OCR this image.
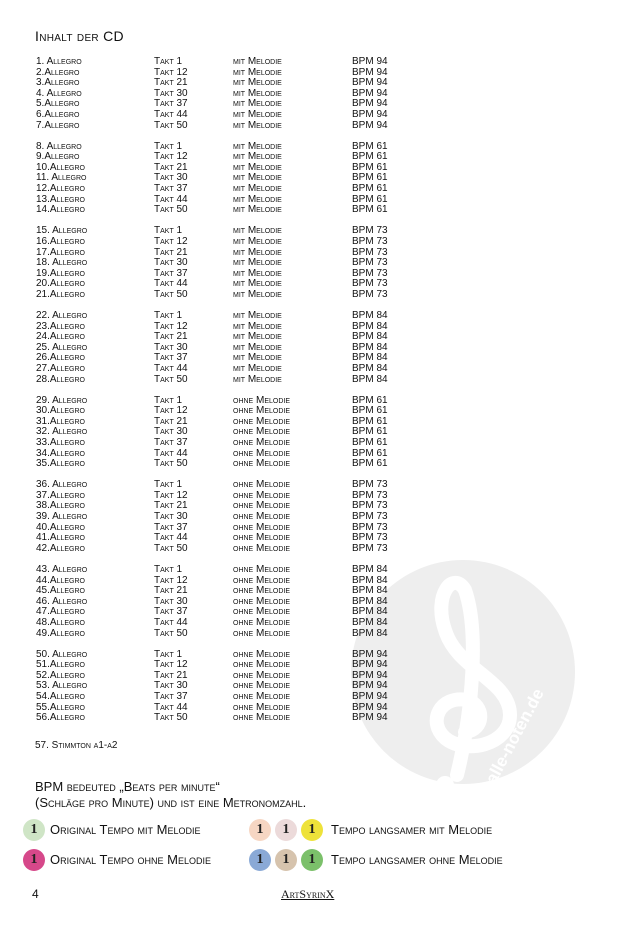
alle-noten.de
Inhalt der CD
1. Allegro	Takt 1	mit Melodie	BPM 94
2.Allegro	Takt 12	mit Melodie	BPM 94
3.Allegro	Takt 21	mit Melodie	BPM 94
4. Allegro	Takt 30	mit Melodie	BPM 94
5.Allegro	Takt 37	mit Melodie	BPM 94
6.Allegro	Takt 44	mit Melodie	BPM 94
7.Allegro	Takt 50	mit Melodie	BPM 94
8. Allegro	Takt 1	mit Melodie	BPM 61
9.Allegro	Takt 12	mit Melodie	BPM 61
10.Allegro	Takt 21	mit Melodie	BPM 61
11. Allegro	Takt 30	mit Melodie	BPM 61
12.Allegro	Takt 37	mit Melodie	BPM 61
13.Allegro	Takt 44	mit Melodie	BPM 61
14.Allegro	Takt 50	mit Melodie	BPM 61
15. Allegro	Takt 1	mit Melodie	BPM 73
16.Allegro	Takt 12	mit Melodie	BPM 73
17.Allegro	Takt 21	mit Melodie	BPM 73
18. Allegro	Takt 30	mit Melodie	BPM 73
19.Allegro	Takt 37	mit Melodie	BPM 73
20.Allegro	Takt 44	mit Melodie	BPM 73
21.Allegro	Takt 50	mit Melodie	BPM 73
22. Allegro	Takt 1	mit Melodie	BPM 84
23.Allegro	Takt 12	mit Melodie	BPM 84
24.Allegro	Takt 21	mit Melodie	BPM 84
25. Allegro	Takt 30	mit Melodie	BPM 84
26.Allegro	Takt 37	mit Melodie	BPM 84
27.Allegro	Takt 44	mit Melodie	BPM 84
28.Allegro	Takt 50	mit Melodie	BPM 84
29. Allegro	Takt 1	ohne Melodie	BPM 61
30.Allegro	Takt 12	ohne Melodie	BPM 61
31.Allegro	Takt 21	ohne Melodie	BPM 61
32. Allegro	Takt 30	ohne Melodie	BPM 61
33.Allegro	Takt 37	ohne Melodie	BPM 61
34.Allegro	Takt 44	ohne Melodie	BPM 61
35.Allegro	Takt 50	ohne Melodie	BPM 61
36. Allegro	Takt 1	ohne Melodie	BPM 73
37.Allegro	Takt 12	ohne Melodie	BPM 73
38.Allegro	Takt 21	ohne Melodie	BPM 73
39. Allegro	Takt 30	ohne Melodie	BPM 73
40.Allegro	Takt 37	ohne Melodie	BPM 73
41.Allegro	Takt 44	ohne Melodie	BPM 73
42.Allegro	Takt 50	ohne Melodie	BPM 73
43. Allegro	Takt 1	ohne Melodie	BPM 84
44.Allegro	Takt 12	ohne Melodie	BPM 84
45.Allegro	Takt 21	ohne Melodie	BPM 84
46. Allegro	Takt 30	ohne Melodie	BPM 84
47.Allegro	Takt 37	ohne Melodie	BPM 84
48.Allegro	Takt 44	ohne Melodie	BPM 84
49.Allegro	Takt 50	ohne Melodie	BPM 84
50. Allegro	Takt 1	ohne Melodie	BPM 94
51.Allegro	Takt 12	ohne Melodie	BPM 94
52.Allegro	Takt 21	ohne Melodie	BPM 94
53. Allegro	Takt 30	ohne Melodie	BPM 94
54.Allegro	Takt 37	ohne Melodie	BPM 94
55.Allegro	Takt 44	ohne Melodie	BPM 94
56.Allegro	Takt 50	ohne Melodie	BPM 94
57. Stimmton a1-a2
BPM bedeuted „Beats per minute“
(Schläge pro Minute) und ist eine Metronomzahl.
1 Original Tempo mit Melodie	1	1	1	Tempo langsamer mit Melodie
1 Original Tempo ohne Melodie	1	1	1	Tempo langsamer ohne Melodie
4	ArtSyrinX
